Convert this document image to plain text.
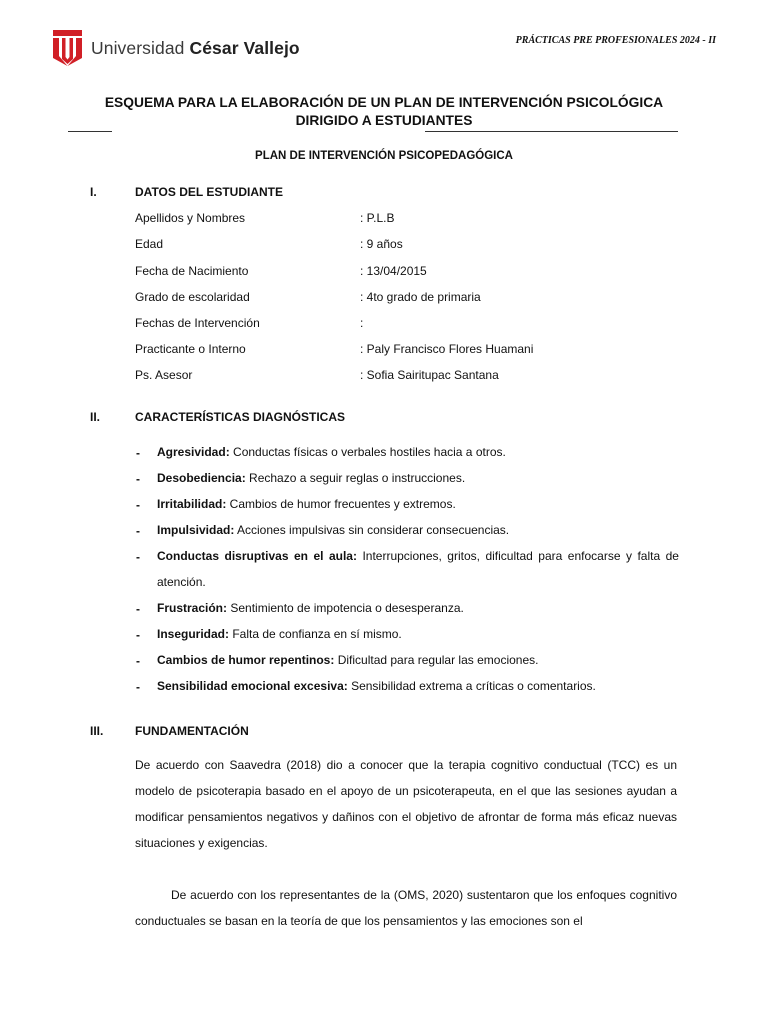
Universidad César Vallejo	PRÁCTICAS PRE PROFESIONALES 2024 - II
ESQUEMA PARA LA ELABORACIÓN DE UN PLAN DE INTERVENCIÓN PSICOLÓGICA DIRIGIDO A ESTUDIANTES
PLAN DE INTERVENCIÓN PSICOPEDAGÓGICA
I.	DATOS DEL ESTUDIANTE
Apellidos y Nombres	: P.L.B
Edad	: 9 años
Fecha de Nacimiento	: 13/04/2015
Grado de escolaridad	: 4to grado de primaria
Fechas de Intervención	:
Practicante o Interno	: Paly Francisco Flores Huamani
Ps. Asesor	: Sofia Sairitupac Santana
II.	CARACTERÍSTICAS DIAGNÓSTICAS
- Agresividad: Conductas físicas o verbales hostiles hacia a otros.
- Desobediencia: Rechazo a seguir reglas o instrucciones.
- Irritabilidad: Cambios de humor frecuentes y extremos.
- Impulsividad: Acciones impulsivas sin considerar consecuencias.
- Conductas disruptivas en el aula: Interrupciones, gritos, dificultad para enfocarse y falta de atención.
- Frustración: Sentimiento de impotencia o desesperanza.
- Inseguridad: Falta de confianza en sí mismo.
- Cambios de humor repentinos: Dificultad para regular las emociones.
- Sensibilidad emocional excesiva: Sensibilidad extrema a críticas o comentarios.
III.	FUNDAMENTACIÓN
De acuerdo con Saavedra (2018) dio a conocer que la terapia cognitivo conductual (TCC) es un modelo de psicoterapia basado en el apoyo de un psicoterapeuta, en el que las sesiones ayudan a modificar pensamientos negativos y dañinos con el objetivo de afrontar de forma más eficaz nuevas situaciones y exigencias.
De acuerdo con los representantes de la (OMS, 2020) sustentaron que los enfoques cognitivo conductuales se basan en la teoría de que los pensamientos y las emociones son el
